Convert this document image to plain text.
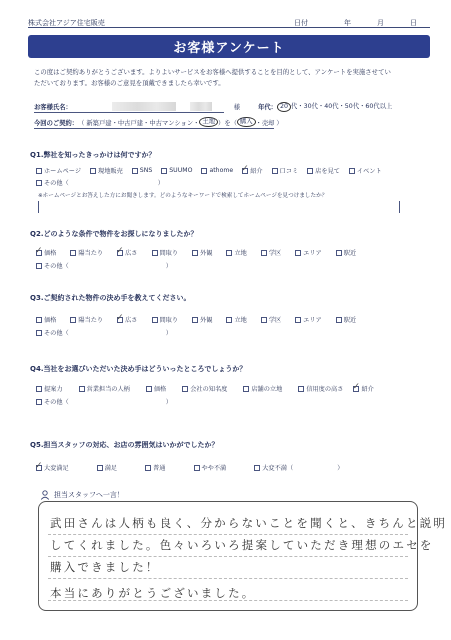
株式会社アジア住宅販売	日付	年	月	日
お客様アンケート
この度はご契約ありがとうございます。よりよいサービスをお客様へ提供することを目的として、アンケートを実施させてい
ただいております。お客様のご意見を頂戴できましたら幸いです。
お客様氏名：	様	年代： 20 代・30代・40代・50代・60代以上
今回のご契約： （ 新築戸建・中古戸建・中古マンション・ 土地 ）を（ 購入 ・売却 ）
Q1.弊社を知ったきっかけは何ですか？
ホームページ	現地販売	SNS	SUUMO	athome ✓ 紹介	口コミ	店を見て	イベント
その他（	）
※ホームページとお答えした方にお聞きします。どのようなキーワードで検索してホームページを見つけましたか？
Q2.どのような条件で物件をお探しになりましたか？
✓ 価格	陽当たり ✓ 広さ	間取り	外観	立地	学区	エリア	駅近
その他（	）
Q3.ご契約された物件の決め手を教えてください。
価格	陽当たり ✓ 広さ	間取り	外観	立地	学区	エリア	駅近
その他（	）
Q4.当社をお選びいただいた決め手はどういったところでしょうか？
提案力	営業担当の人柄	価格	会社の知名度	店舗の立地	信用度の高さ ✓ 紹介
その他（	）
Q5.担当スタッフの対応、お店の雰囲気はいかがでしたか？
✓ 大変満足	満足	普通	やや不満	大変不満（	）
担当スタッフへ一言！
武田さんは人柄も良く、分からないことを聞くと、きちんと説明
してくれました。色々いろいろ提案していただき理想のエセを
購入できました！
本当にありがとうございました。
